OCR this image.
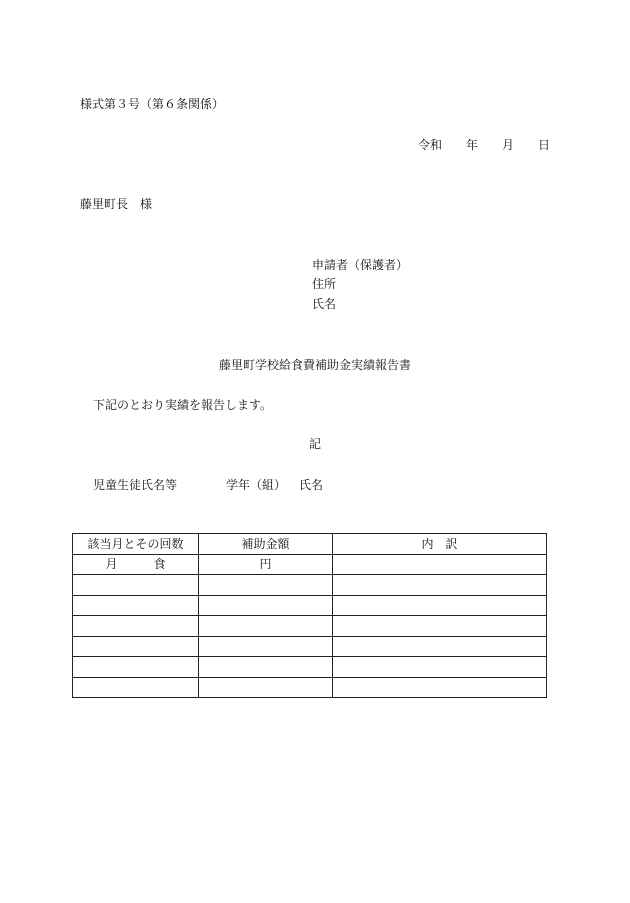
様式第３号（第６条関係）
令和　　年　　月　　日
藤里町長　様
申請者（保護者）
住所
氏名
藤里町学校給食費補助金実績報告書
下記のとおり実績を報告します。
記
児童生徒氏名等	学年（組） 氏名
該当月とその回数	補助金額	内　訳
月　　　食	円	
